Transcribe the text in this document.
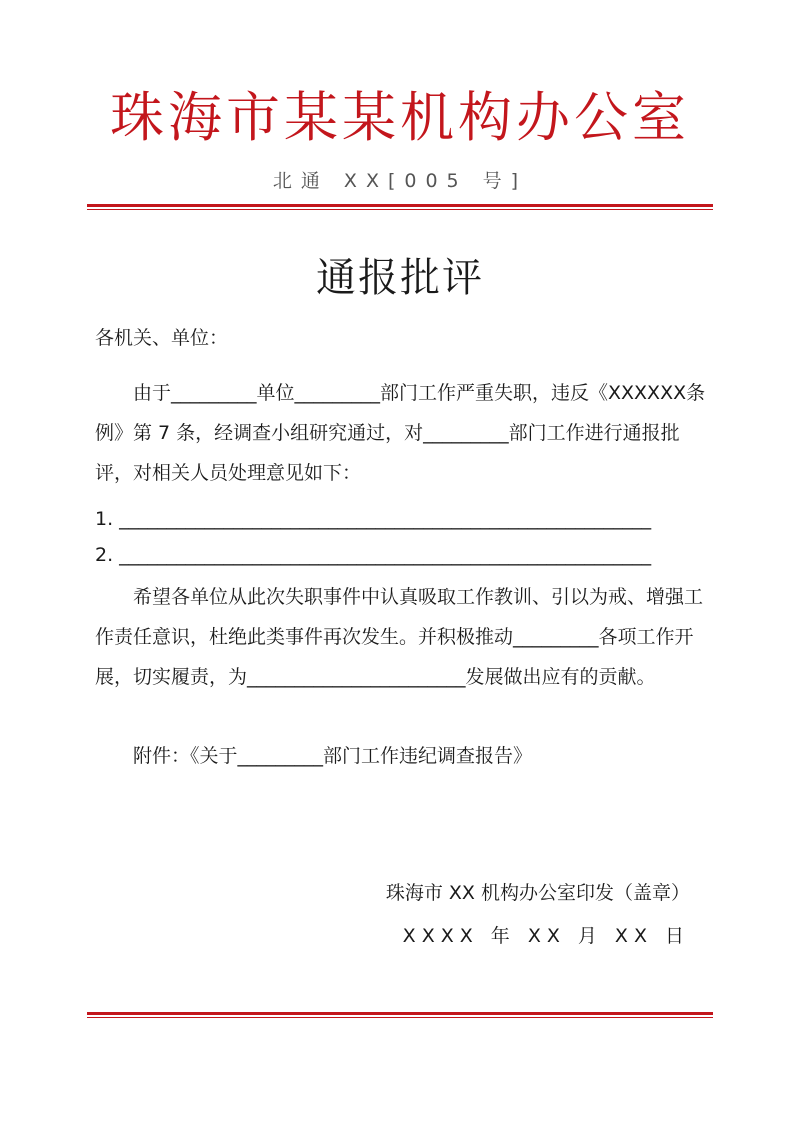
珠海市某某机构办公室
北通 XX[005 号]
通报批评
各机关、单位：
由于_________单位_________部门工作严重失职，违反《XXXXXX条例》第 7 条，经调查小组研究通过，对_________部门工作进行通报批评，对相关人员处理意见如下：
1. ________________________________________________________
2. ________________________________________________________
希望各单位从此次失职事件中认真吸取工作教训、引以为戒、增强工作责任意识，杜绝此类事件再次发生。并积极推动_________各项工作开展，切实履责，为_______________________发展做出应有的贡献。
附件：《关于_________部门工作违纪调查报告》
珠海市 XX 机构办公室印发（盖章）
XXXX 年 XX 月 XX 日
